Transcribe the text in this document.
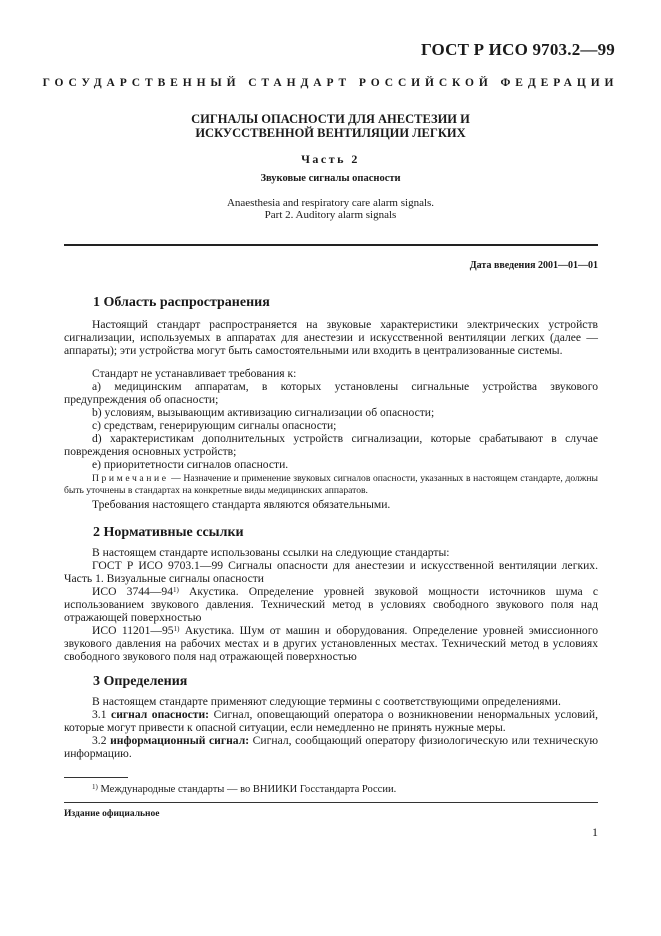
ГОСТ Р ИСО 9703.2—99
ГОСУДАРСТВЕННЫЙ СТАНДАРТ РОССИЙСКОЙ ФЕДЕРАЦИИ
СИГНАЛЫ ОПАСНОСТИ ДЛЯ АНЕСТЕЗИИ И
ИСКУССТВЕННОЙ ВЕНТИЛЯЦИИ ЛЕГКИХ
Часть 2
Звуковые сигналы опасности
Anaesthesia and respiratory care alarm signals.
Part 2. Auditory alarm signals
Дата введения 2001—01—01
1 Область распространения

Настоящий стандарт распространяется на звуковые характеристики электрических устройств сигнализации, используемых в аппаратах для анестезии и искусственной вентиляции легких (далее — аппараты); эти устройства могут быть самостоятельными или входить в централизованные системы.

Стандарт не устанавливает требования к:

a) медицинским аппаратам, в которых установлены сигнальные устройства звукового предупреждения об опасности;

b) условиям, вызывающим активизацию сигнализации об опасности;

c) средствам, генерирующим сигналы опасности;

d) характеристикам дополнительных устройств сигнализации, которые срабатывают в случае повреждения основных устройств;

e) приоритетности сигналов опасности.

Примечание — Назначение и применение звуковых сигналов опасности, указанных в настоящем стандарте, должны быть уточнены в стандартах на конкретные виды медицинских аппаратов.

Требования настоящего стандарта являются обязательными.

2 Нормативные ссылки

В настоящем стандарте использованы ссылки на следующие стандарты:

ГОСТ Р ИСО 9703.1—99 Сигналы опасности для анестезии и искусственной вентиляции легких. Часть 1. Визуальные сигналы опасности

ИСО 3744—94$^{1)}$ Акустика. Определение уровней звуковой мощности источников шума с использованием звукового давления. Технический метод в условиях свободного звукового поля над отражающей поверхностью

ИСО 11201—95$^{1)}$ Акустика. Шум от машин и оборудования. Определение уровней эмиссионного звукового давления на рабочих местах и в других установленных местах. Технический метод в условиях свободного звукового поля над отражающей поверхностью

3 Определения

В настоящем стандарте применяют следующие термины с соответствующими определениями.

3.1 сигнал опасности: Сигнал, оповещающий оператора о возникновении ненормальных условий, которые могут привести к опасной ситуации, если немедленно не принять нужные меры.

3.2 информационный сигнал: Сигнал, сообщающий оператору физиологическую или техническую информацию.

$^{1)}$ Международные стандарты — во ВНИИКИ Госстандарта России.
Издание официальное
1
